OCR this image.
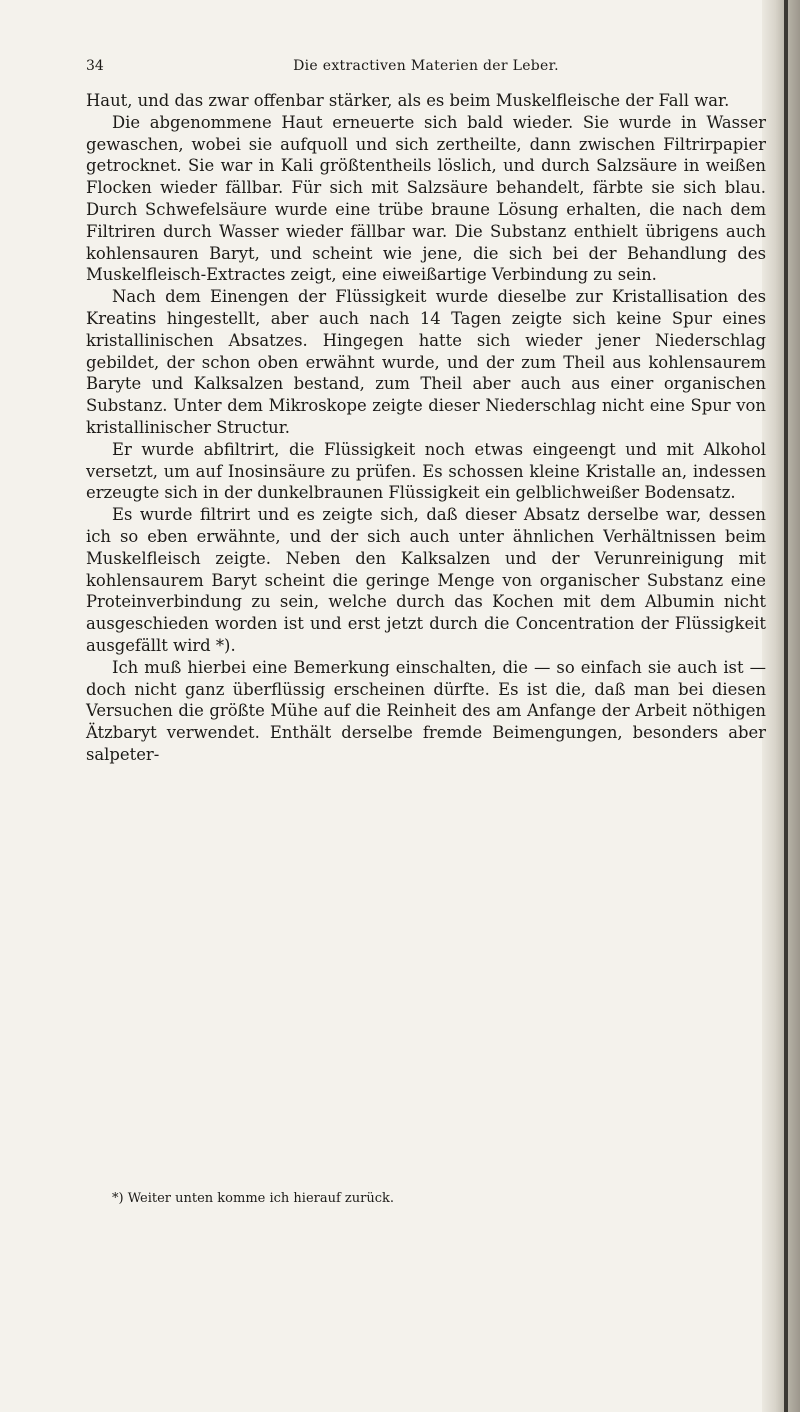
34	Die extractiven Materien der Leber.

Haut, und das zwar offenbar stärker, als es beim Muskelfleische der Fall war.

Die abgenommene Haut erneuerte sich bald wieder. Sie wurde in Wasser gewaschen, wobei sie aufquoll und sich zertheilte, dann zwischen Filtrirpapier getrocknet. Sie war in Kali größtentheils löslich, und durch Salzsäure in weißen Flocken wieder fällbar. Für sich mit Salzsäure behandelt, färbte sie sich blau. Durch Schwefelsäure wurde eine trübe braune Lösung erhalten, die nach dem Filtriren durch Wasser wieder fällbar war. Die Substanz enthielt übrigens auch kohlensauren Baryt, und scheint wie jene, die sich bei der Behandlung des Muskelfleisch-Extractes zeigt, eine eiweißartige Verbindung zu sein.

Nach dem Einengen der Flüssigkeit wurde dieselbe zur Kristallisation des Kreatins hingestellt, aber auch nach 14 Tagen zeigte sich keine Spur eines kristallinischen Absatzes. Hingegen hatte sich wieder jener Niederschlag gebildet, der schon oben erwähnt wurde, und der zum Theil aus kohlensaurem Baryte und Kalksalzen bestand, zum Theil aber auch aus einer organischen Substanz. Unter dem Mikroskope zeigte dieser Niederschlag nicht eine Spur von kristallinischer Structur.

Er wurde abfiltrirt, die Flüssigkeit noch etwas eingeengt und mit Alkohol versetzt, um auf Inosinsäure zu prüfen. Es schossen kleine Kristalle an, indessen erzeugte sich in der dunkelbraunen Flüssigkeit ein gelblichweißer Bodensatz.

Es wurde filtrirt und es zeigte sich, daß dieser Absatz derselbe war, dessen ich so eben erwähnte, und der sich auch unter ähnlichen Verhältnissen beim Muskelfleisch zeigte. Neben den Kalksalzen und der Verunreinigung mit kohlensaurem Baryt scheint die geringe Menge von organischer Substanz eine Proteinverbindung zu sein, welche durch das Kochen mit dem Albumin nicht ausgeschieden worden ist und erst jetzt durch die Concentration der Flüssigkeit ausgefällt wird *).

Ich muß hierbei eine Bemerkung einschalten, die — so einfach sie auch ist — doch nicht ganz überflüssig erscheinen dürfte. Es ist die, daß man bei diesen Versuchen die größte Mühe auf die Reinheit des am Anfange der Arbeit nöthigen Ätzbaryt verwendet. Enthält derselbe fremde Beimengungen, besonders aber salpeter-

*) Weiter unten komme ich hierauf zurück.
